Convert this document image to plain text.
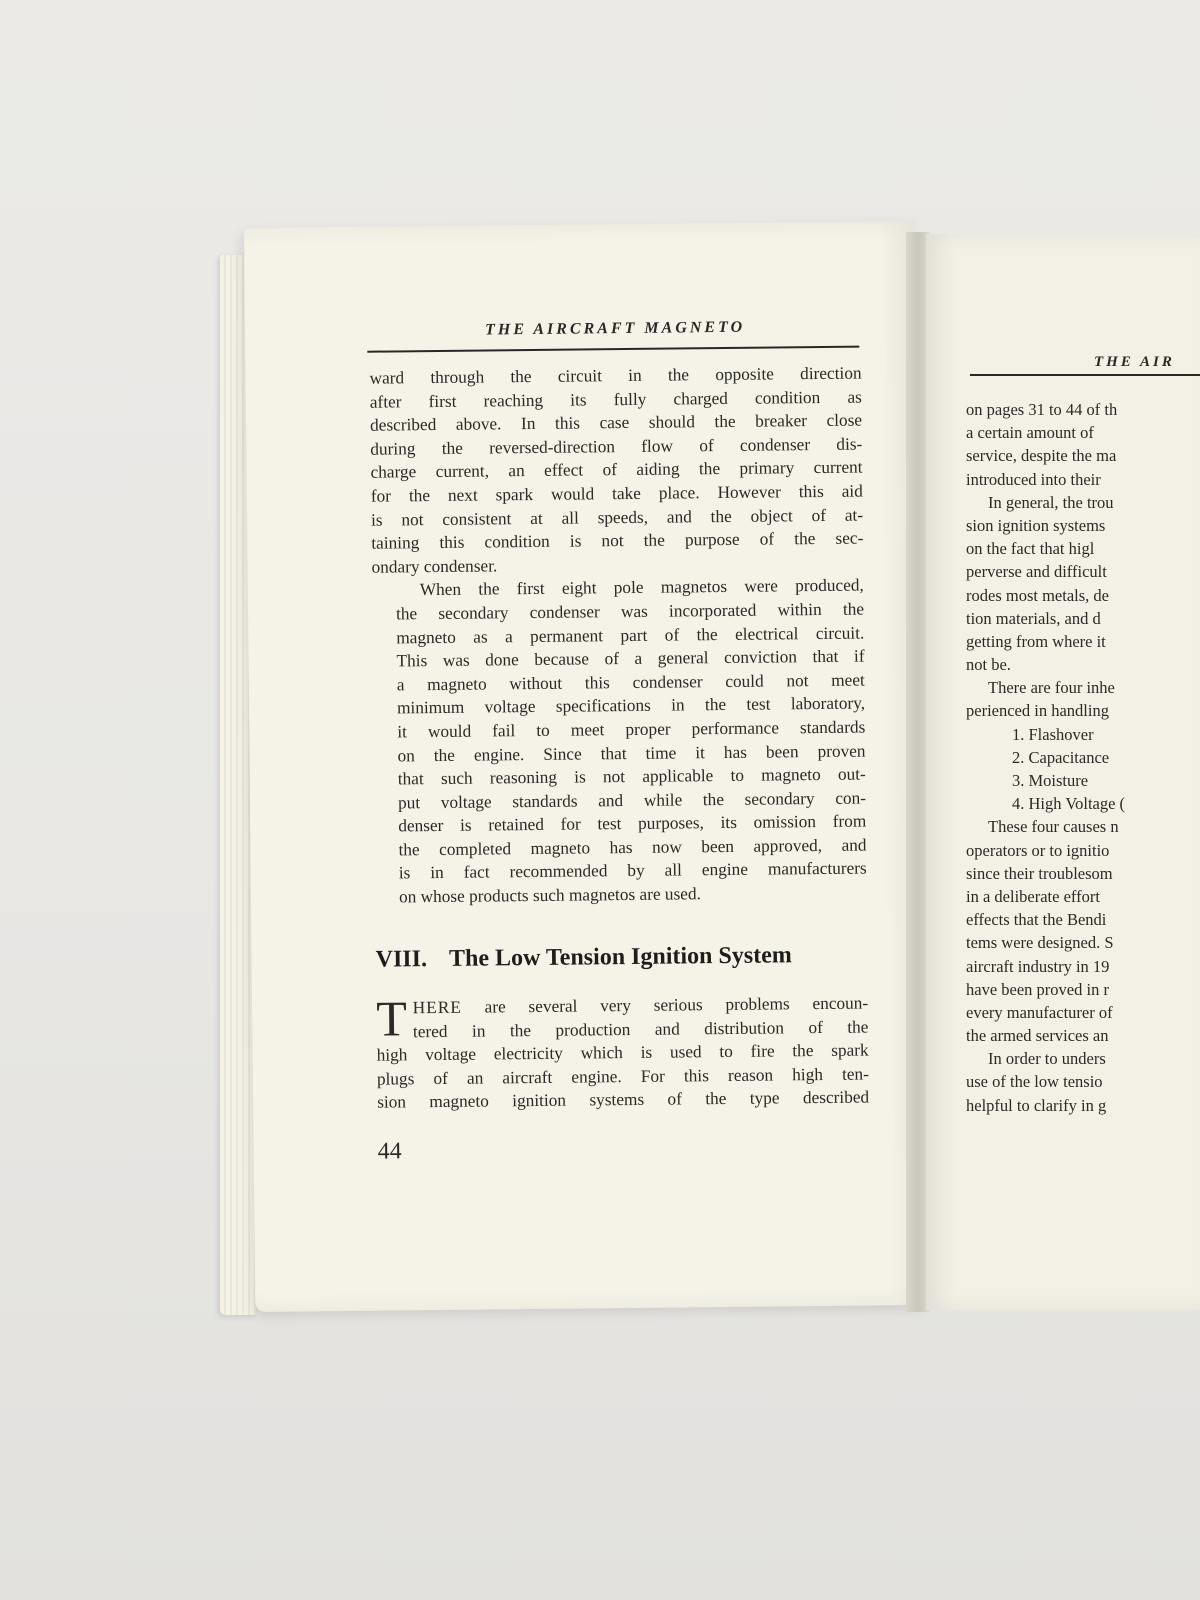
THE AIRCRAFT MAGNETO

ward through the circuit in the opposite direction
after first reaching its fully charged condition as
described above. In this case should the breaker close
during the reversed-direction flow of condenser dis-
charge current, an effect of aiding the primary current
for the next spark would take place. However this aid
is not consistent at all speeds, and the object of at-
taining this condition is not the purpose of the sec-
ondary condenser.

When the first eight pole magnetos were produced,
the secondary condenser was incorporated within the
magneto as a permanent part of the electrical circuit.
This was done because of a general conviction that if
a magneto without this condenser could not meet
minimum voltage specifications in the test laboratory,
it would fail to meet proper performance standards
on the engine. Since that time it has been proven
that such reasoning is not applicable to magneto out-
put voltage standards and while the secondary con-
denser is retained for test purposes, its omission from
the completed magneto has now been approved, and
is in fact recommended by all engine manufacturers
on whose products such magnetos are used.

VIII. The Low Tension Ignition System
T HERE are several very serious problems encoun-
tered in the production and distribution of the
high voltage electricity which is used to fire the spark
plugs of an aircraft engine. For this reason high ten-
sion magneto ignition systems of the type described
44
THE AIR
on pages 31 to 44 of th
a certain amount of
service, despite the ma
introduced into their
In general, the trou
sion ignition systems
on the fact that higl
perverse and difficult
rodes most metals, de
tion materials, and d
getting from where it
not be.
There are four inhe
perienced in handling
1. Flashover
2. Capacitance
3. Moisture
4. High Voltage (
These four causes n
operators or to ignitio
since their troublesom
in a deliberate effort
effects that the Bendi
tems were designed. S
aircraft industry in 19
have been proved in r
every manufacturer of
the armed services an
In order to unders
use of the low tensio
helpful to clarify in g
